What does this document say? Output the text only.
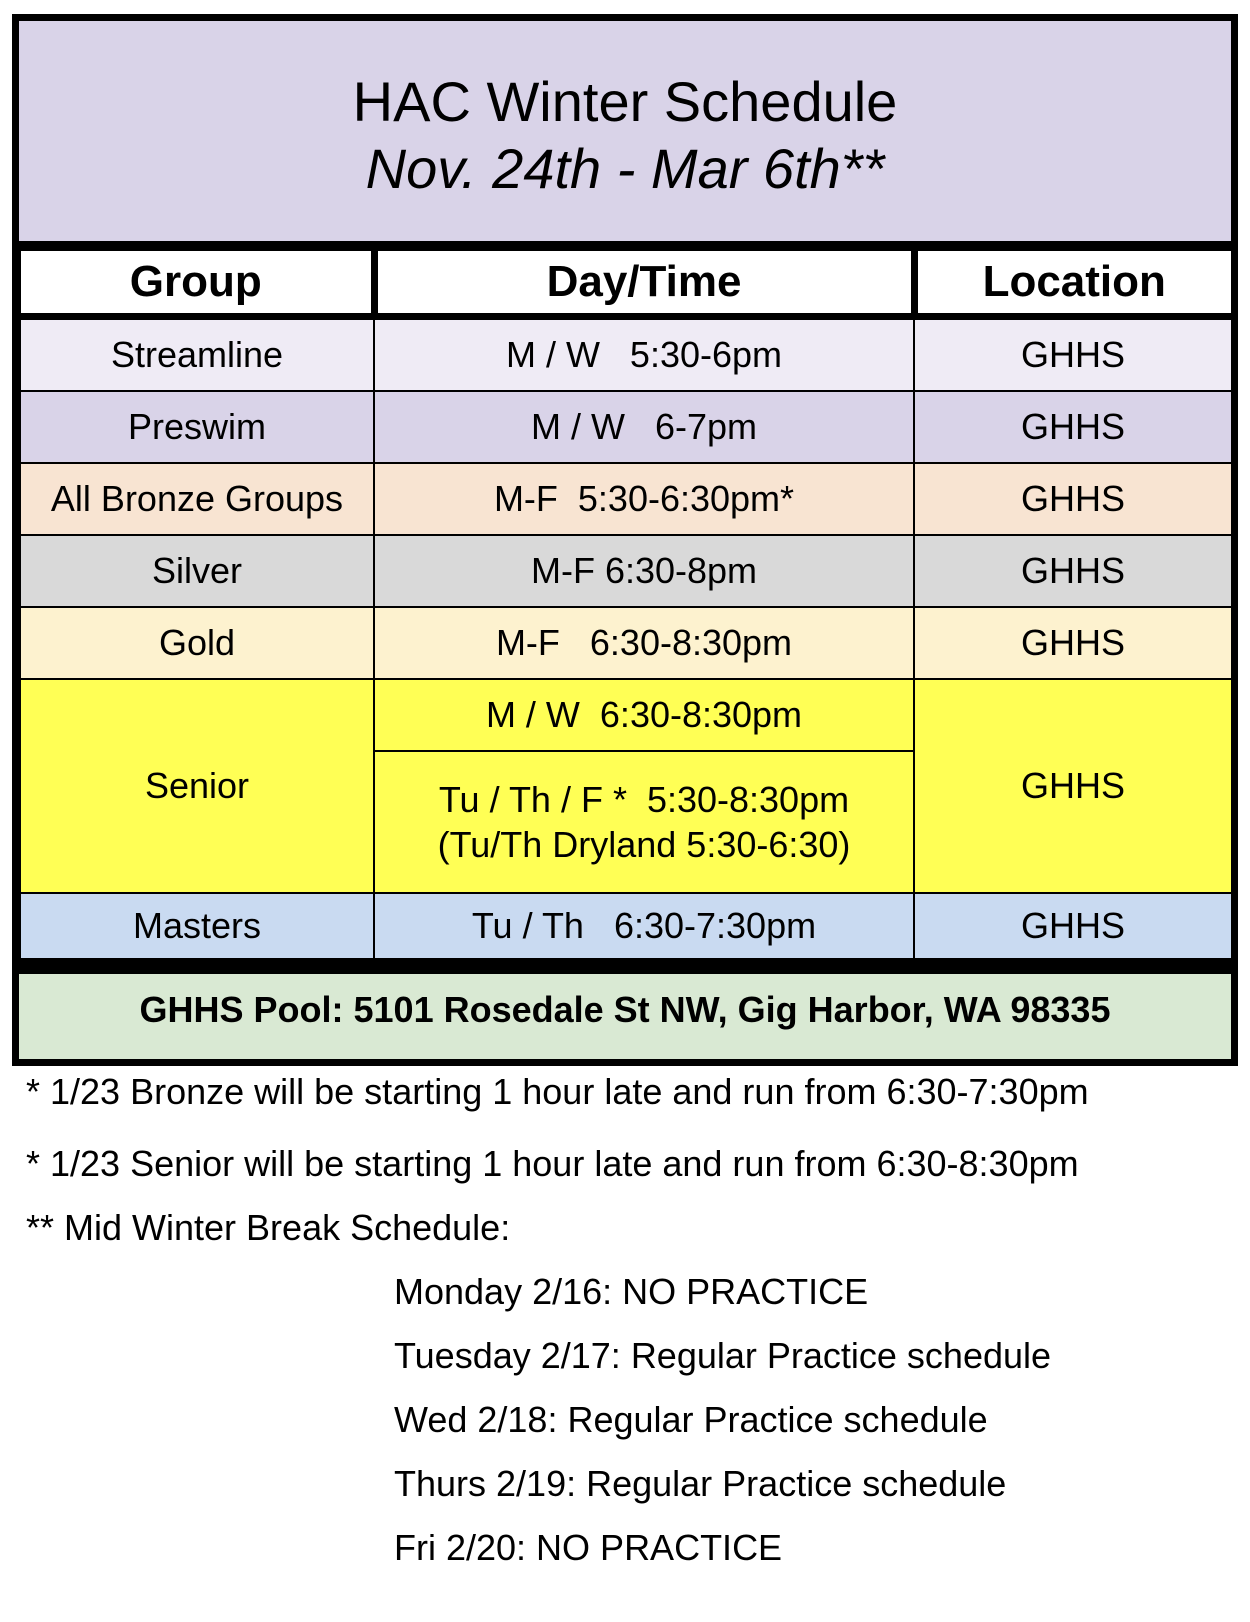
HAC Winter Schedule
Nov. 24th - Mar 6th**
Group	Day/Time	Location
Streamline	M / W   5:30-6pm	GHHS
Preswim	M / W   6-7pm	GHHS
All Bronze Groups	M-F  5:30-6:30pm*	GHHS
Silver	M-F 6:30-8pm	GHHS
Gold	M-F   6:30-8:30pm	GHHS
Senior	M / W  6:30-8:30pm	GHHS

	Tu / Th / F *  5:30-8:30pm
(Tu/Th Dryland 5:30-6:30)	

Masters	Tu / Th   6:30-7:30pm	GHHS
GHHS Pool: 5101 Rosedale St NW, Gig Harbor, WA 98335
* 1/23 Bronze will be starting 1 hour late and run from 6:30-7:30pm
* 1/23 Senior will be starting 1 hour late and run from 6:30-8:30pm
** Mid Winter Break Schedule:
Monday 2/16: NO PRACTICE
Tuesday 2/17: Regular Practice schedule
Wed 2/18: Regular Practice schedule
Thurs 2/19: Regular Practice schedule
Fri 2/20: NO PRACTICE
